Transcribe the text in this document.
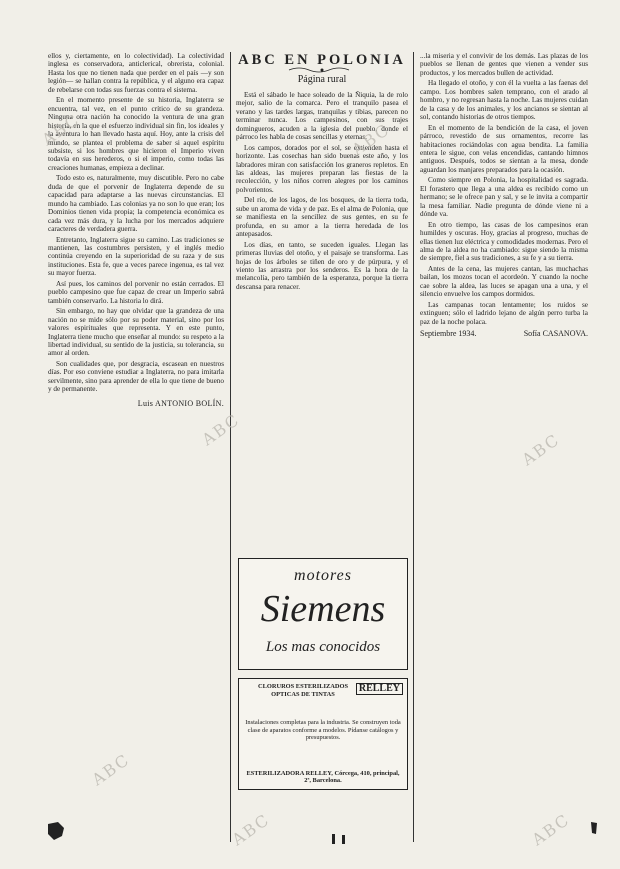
ellos y, ciertamente, en lo colectividad). La colectividad inglesa es conservadora, anticlerical, obrerista, colonial. Hasta los que no tienen nada que perder en el país —y son legión— se hallan contra la república, y el alguno era capaz de rebelarse con todas sus fuerzas contra el sistema.

En el momento presente de su historia, Inglaterra se encuentra, tal vez, en el punto crítico de su grandeza. Ninguna otra nación ha conocido la ventura de una gran historia, en la que el esfuerzo individual sin fin, los ideales y la aventura lo han llevado hasta aquí. Hoy, ante la crisis del mundo, se plantea el problema de saber si aquel espíritu subsiste, si los hombres que hicieron el Imperio viven todavía en sus herederos, o si el imperio, como todas las creaciones humanas, empieza a declinar.

Todo esto es, naturalmente, muy discutible. Pero no cabe duda de que el porvenir de Inglaterra depende de su capacidad para adaptarse a las nuevas circunstancias. El mundo ha cambiado. Las colonias ya no son lo que eran; los Dominios tienen vida propia; la competencia económica es cada vez más dura, y la lucha por los mercados adquiere caracteres de verdadera guerra.

Entretanto, Inglaterra sigue su camino. Las tradiciones se mantienen, las costumbres persisten, y el inglés medio continúa creyendo en la superioridad de su raza y de sus instituciones. Esta fe, que a veces parece ingenua, es tal vez su mayor fuerza.

Así pues, los caminos del porvenir no están cerrados. El pueblo campesino que fue capaz de crear un Imperio sabrá también conservarlo. La historia lo dirá.

Sin embargo, no hay que olvidar que la grandeza de una nación no se mide sólo por su poder material, sino por los valores espirituales que representa. Y en este punto, Inglaterra tiene mucho que enseñar al mundo: su respeto a la libertad individual, su sentido de la justicia, su tolerancia, su amor al orden.

Son cualidades que, por desgracia, escasean en nuestros días. Por eso conviene estudiar a Inglaterra, no para imitarla servilmente, sino para aprender de ella lo que tiene de bueno y de permanente.

Luis ANTONIO BOLÍN.
ABC EN POLONIA
Página rural

Está el sábado le hace soleado de la Ñiquia, la de rolo mejor, salio de la comarca. Pero el tranquilo pasea el verano y las tardes largas, tranquilas y tibias, parecen no terminar nunca. Los campesinos, con sus trajes domingueros, acuden a la iglesia del pueblo, donde el párroco les habla de cosas sencillas y eternas.

Los campos, dorados por el sol, se extienden hasta el horizonte. Las cosechas han sido buenas este año, y los labradores miran con satisfacción los graneros repletos. En las aldeas, las mujeres preparan las fiestas de la recolección, y los niños corren alegres por los caminos polvorientos.

Del río, de los lagos, de los bosques, de la tierra toda, sube un aroma de vida y de paz. Es el alma de Polonia, que se manifiesta en la sencillez de sus gentes, en su fe profunda, en su amor a la tierra heredada de los antepasados.

Los días, en tanto, se suceden iguales. Llegan las primeras lluvias del otoño, y el paisaje se transforma. Las hojas de los árboles se tiñen de oro y de púrpura, y el viento las arrastra por los senderos. Es la hora de la melancolía, pero también de la esperanza, porque la tierra descansa para renacer.

motores
Siemens
Los mas conocidos
CLORUROS ESTERILIZADOS OPTICAS DE TINTAS
RELLEY
Instalaciones completas para la industria. Se construyen toda clase de aparatos conforme a modelos. Pídanse catálogos y presupuestos.
ESTERILIZADORA RELLEY, Córcega, 410, principal, 2ª, Barcelona.

...la miseria y el convivir de los demás. Las plazas de los pueblos se llenan de gentes que vienen a vender sus productos, y los mercados bullen de actividad.

Ha llegado el otoño, y con él la vuelta a las faenas del campo. Los hombres salen temprano, con el arado al hombro, y no regresan hasta la noche. Las mujeres cuidan de la casa y de los animales, y los ancianos se sientan al sol, contando historias de otros tiempos.

En el momento de la bendición de la casa, el joven párroco, revestido de sus ornamentos, recorre las habitaciones rociándolas con agua bendita. La familia entera le sigue, con velas encendidas, cantando himnos antiguos. Después, todos se sientan a la mesa, donde aguardan los manjares preparados para la ocasión.

Como siempre en Polonia, la hospitalidad es sagrada. El forastero que llega a una aldea es recibido como un hermano; se le ofrece pan y sal, y se le invita a compartir la mesa familiar. Nadie pregunta de dónde viene ni a dónde va.

En otro tiempo, las casas de los campesinos eran humildes y oscuras. Hoy, gracias al progreso, muchas de ellas tienen luz eléctrica y comodidades modernas. Pero el alma de la aldea no ha cambiado: sigue siendo la misma de siempre, fiel a sus tradiciones, a su fe y a su tierra.

Antes de la cena, las mujeres cantan, las muchachas bailan, los mozos tocan el acordeón. Y cuando la noche cae sobre la aldea, las luces se apagan una a una, y el silencio envuelve los campos dormidos.

Las campanas tocan lentamente; los ruidos se extinguen; sólo el ladrido lejano de algún perro turba la paz de la noche polaca.

Septiembre 1934.	Sofía CASANOVA.
ABC	ABC
ABC
ABC
ABC
ABC	ABC
